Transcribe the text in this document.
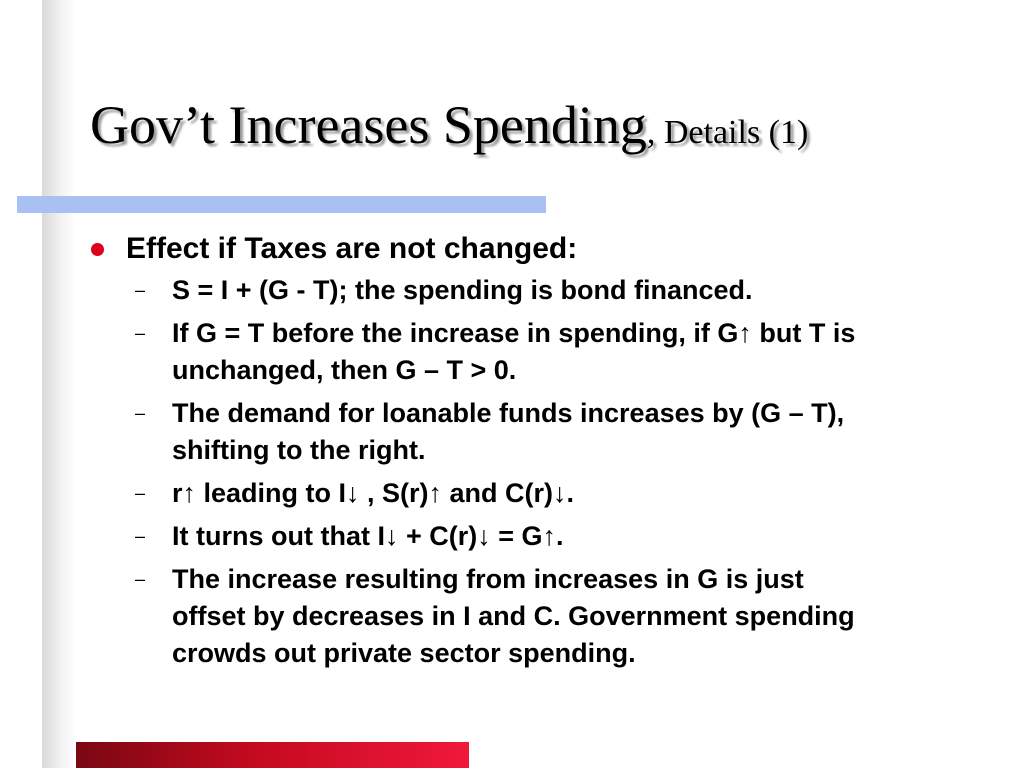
Gov’t Increases Spending, Details (1)

Effect if Taxes are not changed:

– S = I + (G - T); the spending is bond financed.
– If G = T before the increase in spending, if G↑ but T is unchanged, then G – T > 0.
– The demand for loanable funds increases by (G – T), shifting to the right.
– r↑ leading to I↓ , S(r)↑ and C(r)↓.
– It turns out that I↓ + C(r)↓ = G↑.
– The increase resulting from increases in G is just offset by decreases in I and C. Government spending crowds out private sector spending.
